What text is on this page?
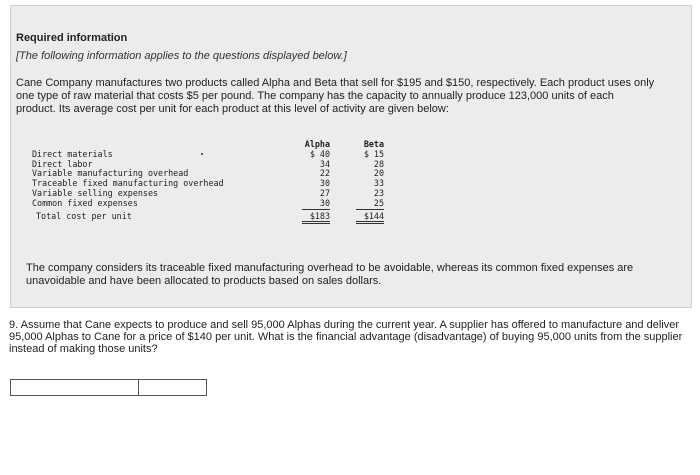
Required information
[The following information applies to the questions displayed below.]
Cane Company manufactures two products called Alpha and Beta that sell for $195 and $150, respectively. Each product uses only one type of raw material that costs $5 per pound. The company has the capacity to annually produce 123,000 units of each product. Its average cost per unit for each product at this level of activity are given below:
		Alpha		Beta
Direct materials		$ 40		$ 15
Direct labor		34		28
Variable manufacturing overhead		22		20
Traceable fixed manufacturing overhead		30		33
Variable selling expenses		27		23
Common fixed expenses		30		25
Total cost per unit		$183		$144
The company considers its traceable fixed manufacturing overhead to be avoidable, whereas its common fixed expenses are unavoidable and have been allocated to products based on sales dollars.
9. Assume that Cane expects to produce and sell 95,000 Alphas during the current year. A supplier has offered to manufacture and deliver 95,000 Alphas to Cane for a price of $140 per unit. What is the financial advantage (disadvantage) of buying 95,000 units from the supplier instead of making those units?
